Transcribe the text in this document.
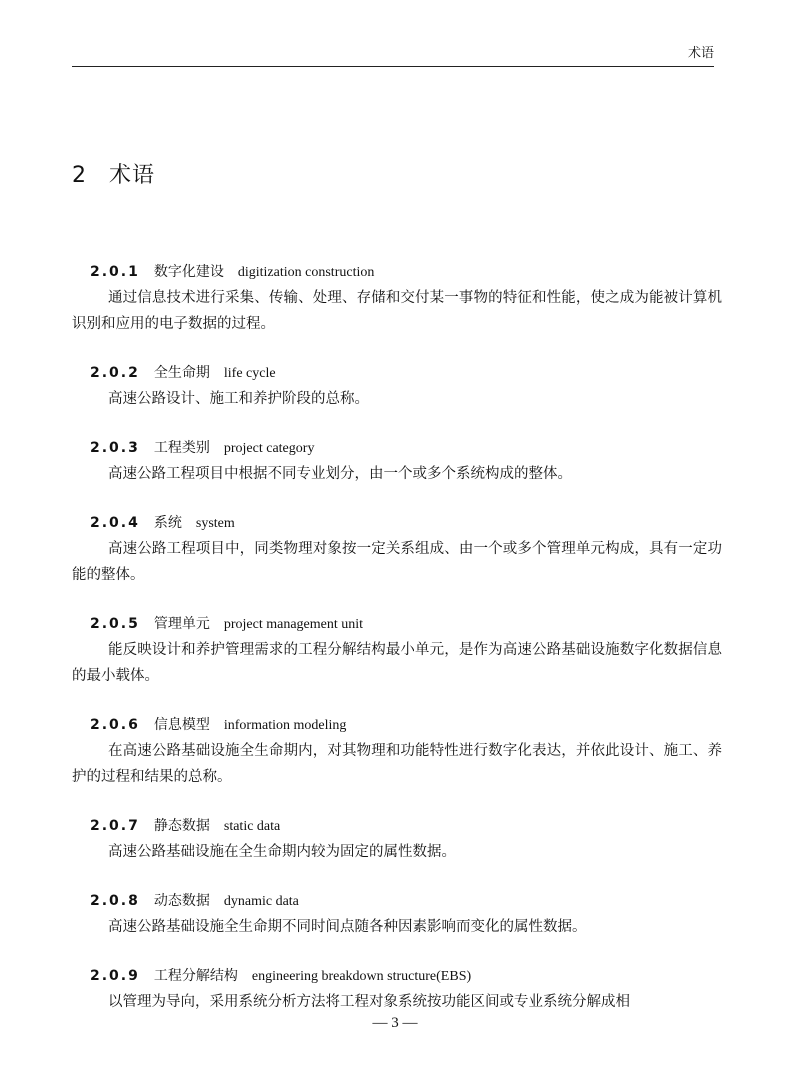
术语
2 术语
2.0.1 数字化建设 digitization construction

通过信息技术进行采集、传输、处理、存储和交付某一事物的特征和性能，使之成为能被计算机识别和应用的电子数据的过程。

2.0.2 全生命期 life cycle

高速公路设计、施工和养护阶段的总称。

2.0.3 工程类别 project category

高速公路工程项目中根据不同专业划分，由一个或多个系统构成的整体。

2.0.4 系统 system

高速公路工程项目中，同类物理对象按一定关系组成、由一个或多个管理单元构成，具有一定功能的整体。

2.0.5 管理单元 project management unit

能反映设计和养护管理需求的工程分解结构最小单元，是作为高速公路基础设施数字化数据信息的最小载体。

2.0.6 信息模型 information modeling

在高速公路基础设施全生命期内，对其物理和功能特性进行数字化表达，并依此设计、施工、养护的过程和结果的总称。

2.0.7 静态数据 static data

高速公路基础设施在全生命期内较为固定的属性数据。

2.0.8 动态数据 dynamic data

高速公路基础设施全生命期不同时间点随各种因素影响而变化的属性数据。

2.0.9 工程分解结构 engineering breakdown structure(EBS)

以管理为导向，采用系统分析方法将工程对象系统按功能区间或专业系统分解成相

— 3 —
